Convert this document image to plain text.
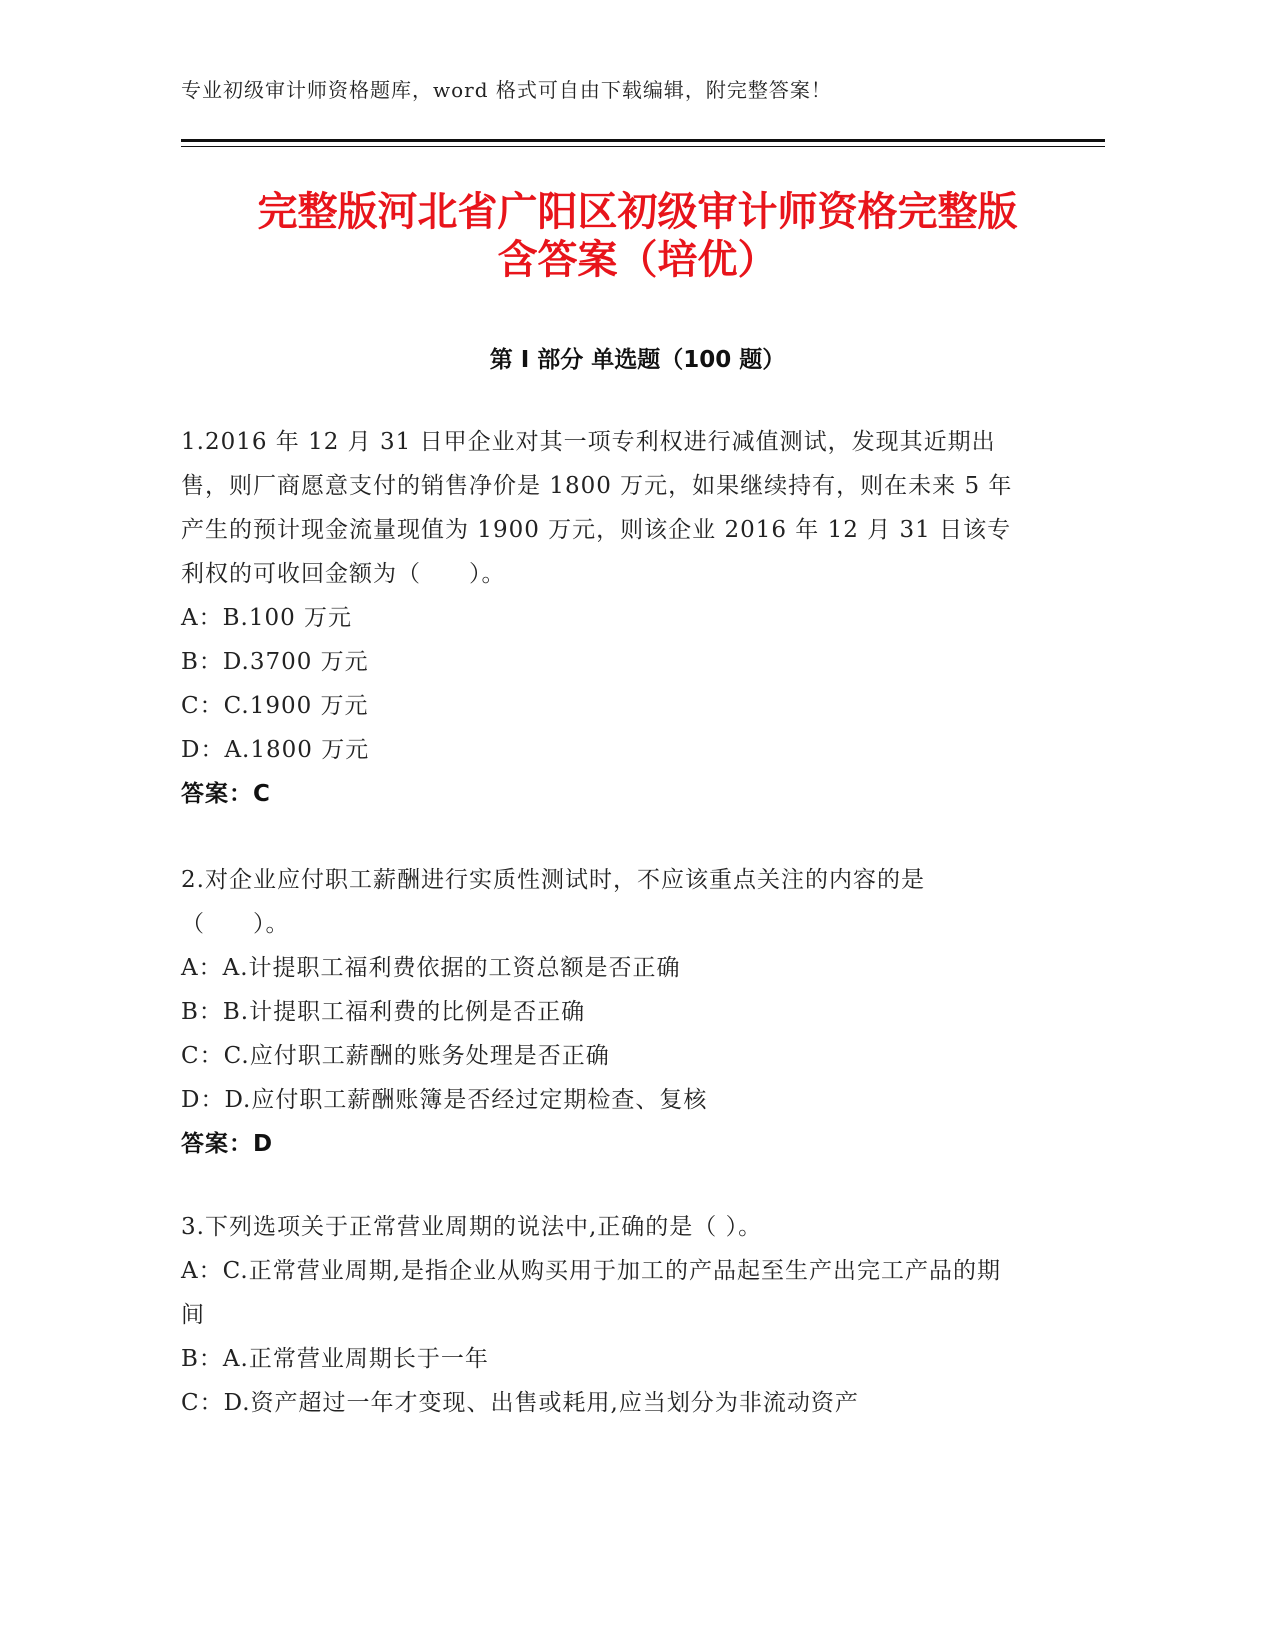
专业初级审计师资格题库，word 格式可自由下载编辑，附完整答案！
完整版河北省广阳区初级审计师资格完整版
含答案（培优）
第 I 部分 单选题（100 题）

1.2016 年 12 月 31 日甲企业对其一项专利权进行减值测试，发现其近期出售，则厂商愿意支付的销售净价是 1800 万元，如果继续持有，则在未来 5 年产生的预计现金流量现值为 1900 万元，则该企业 2016 年 12 月 31 日该专利权的可收回金额为（　　）。

A：B.100 万元

B：D.3700 万元

C：C.1900 万元

D：A.1800 万元

答案：C

2.对企业应付职工薪酬进行实质性测试时，不应该重点关注的内容的是（　　）。

A：A.计提职工福利费依据的工资总额是否正确

B：B.计提职工福利费的比例是否正确

C：C.应付职工薪酬的账务处理是否正确

D：D.应付职工薪酬账簿是否经过定期检查、复核

答案：D

3.下列选项关于正常营业周期的说法中,正确的是（ ）。

A：C.正常营业周期,是指企业从购买用于加工的产品起至生产出完工产品的期间

B：A.正常营业周期长于一年

C：D.资产超过一年才变现、出售或耗用,应当划分为非流动资产
